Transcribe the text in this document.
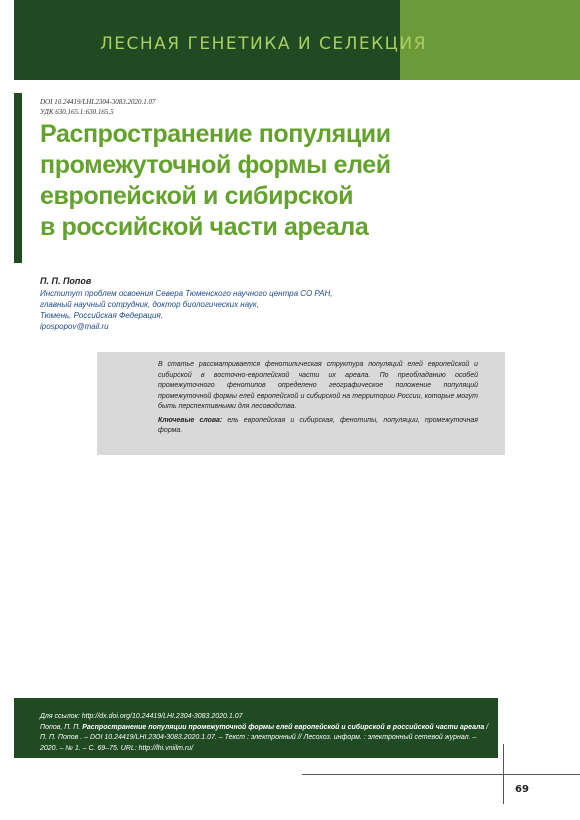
ЛЕСНАЯ ГЕНЕТИКА И СЕЛЕКЦИЯ
DOI 10.24419/LHI.2304-3083.2020.1.07
УДК 630.165.1:630.165.5
Распространение популяции
промежуточной формы елей
европейской и сибирской
в российской части ареала
П. П. Попов
Институт проблем освоения Севера Тюменского научного центра СО РАН,
главный научный сотрудник, доктор биологических наук,
Тюмень, Российская Федерация,
ipospopov@mail.ru
В статье рассматривается фенотипическая структура популяций елей европейской и сибирской в восточно-европейской части их ареала. По преобладанию особей промежуточного фенотипов определено географическое положение популяций промежуточной формы елей европейской и сибирской на территории России, которые могут быть перспективными для лесоводства.
Ключевые слова: ель европейская и сибирская, фенотипы, популяции, промежуточная форма.
Для ссылок: http://dx.doi.org/10.24419/LHI.2304-3083.2020.1.07
Попов, П. П. Распространение популяции промежуточной формы елей европейской и сибирской в российской части ареала / П. П. Попов . – DOI 10.24419/LHI.2304-3083.2020.1.07. – Текст : электронный // Лесохоз. информ. : электронный сетевой журнал. – 2020. – № 1. – С. 69–75. URL: http://lhi.vniilm.ru/
69
